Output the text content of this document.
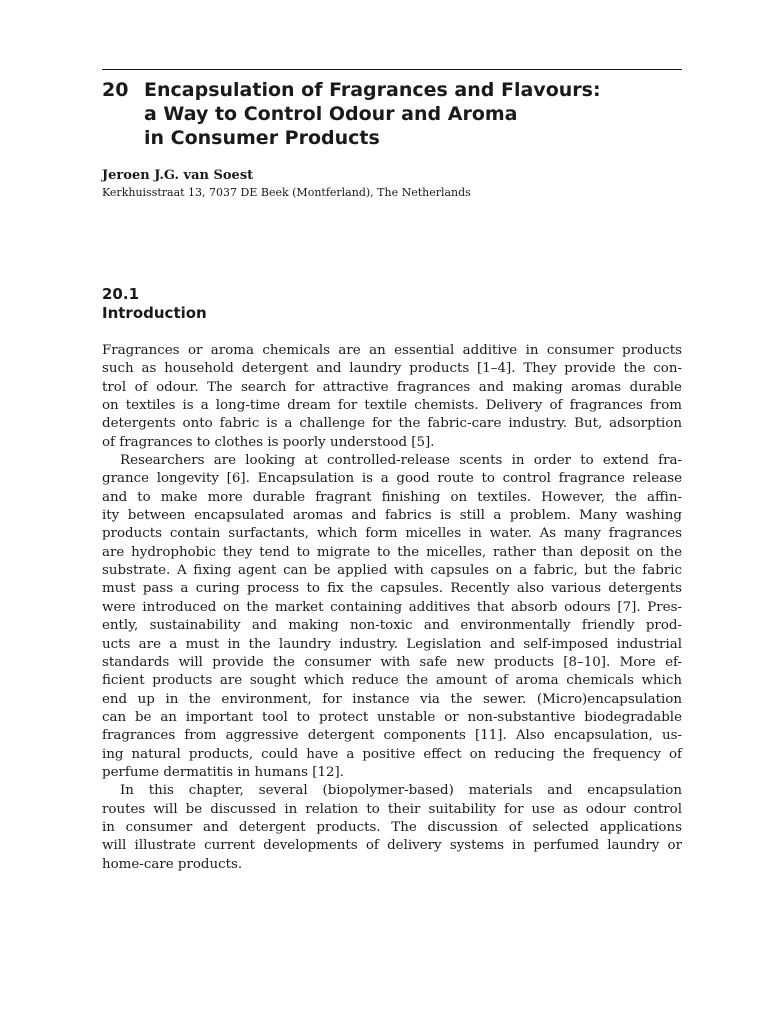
20 Encapsulation of Fragrances and Flavours:
a Way to Control Odour and Aroma
in Consumer Products
Jeroen J.G. van Soest
Kerkhuisstraat 13, 7037 DE Beek (Montferland), The Netherlands
20.1
Introduction
Fragrances or aroma chemicals are an essential additive in consumer products
such as household detergent and laundry products [1–4]. They provide the con-
trol of odour. The search for attractive fragrances and making aromas durable
on textiles is a long-time dream for textile chemists. Delivery of fragrances from
detergents onto fabric is a challenge for the fabric-care industry. But, adsorption
of fragrances to clothes is poorly understood [5].
Researchers are looking at controlled-release scents in order to extend fra-
grance longevity [6]. Encapsulation is a good route to control fragrance release
and to make more durable fragrant finishing on textiles. However, the affin-
ity between encapsulated aromas and fabrics is still a problem. Many washing
products contain surfactants, which form micelles in water. As many fragrances
are hydrophobic they tend to migrate to the micelles, rather than deposit on the
substrate. A fixing agent can be applied with capsules on a fabric, but the fabric
must pass a curing process to fix the capsules. Recently also various detergents
were introduced on the market containing additives that absorb odours [7]. Pres-
ently, sustainability and making non-toxic and environmentally friendly prod-
ucts are a must in the laundry industry. Legislation and self-imposed industrial
standards will provide the consumer with safe new products [8–10]. More ef-
ficient products are sought which reduce the amount of aroma chemicals which
end up in the environment, for instance via the sewer. (Micro)encapsulation
can be an important tool to protect unstable or non-substantive biodegradable
fragrances from aggressive detergent components [11]. Also encapsulation, us-
ing natural products, could have a positive effect on reducing the frequency of
perfume dermatitis in humans [12].
In this chapter, several (biopolymer-based) materials and encapsulation
routes will be discussed in relation to their suitability for use as odour control
in consumer and detergent products. The discussion of selected applications
will illustrate current developments of delivery systems in perfumed laundry or
home-care products.
